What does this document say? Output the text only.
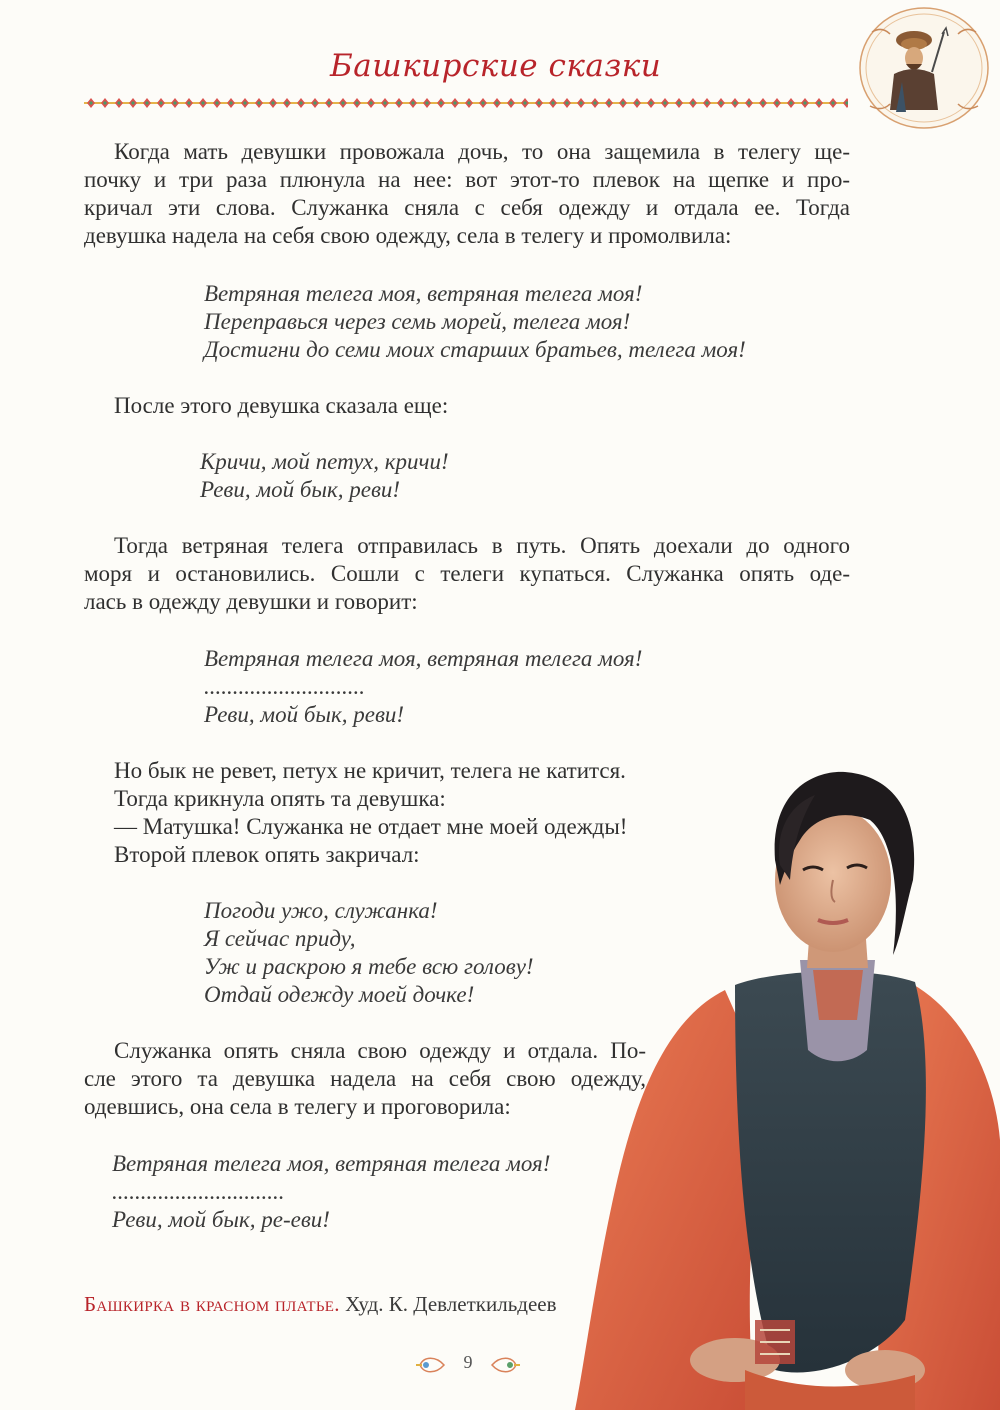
Башкирские сказки
Когда мать девушки провожала дочь, то она защемила в телегу ще-
почку и три раза плюнула на нее: вот этот-то плевок на щепке и про-
кричал эти слова. Служанка сняла с себя одежду и отдала ее. Тогда
девушка надела на себя свою одежду, села в телегу и промолвила:
Ветряная телега моя, ветряная телега моя!
Переправься через семь морей, телега моя!
Достигни до семи моих старших братьев, телега моя!
После этого девушка сказала еще:
Кричи, мой петух, кричи!
Реви, мой бык, реви!
Тогда ветряная телега отправилась в путь. Опять доехали до одного
моря и остановились. Сошли с телеги купаться. Служанка опять оде-
лась в одежду девушки и говорит:
Ветряная телега моя, ветряная телега моя!
............................
Реви, мой бык, реви!
Но бык не ревет, петух не кричит, телега не катится.
Тогда крикнула опять та девушка:
— Матушка! Служанка не отдает мне моей одежды!
Второй плевок опять закричал:
Погоди ужо, служанка!
Я сейчас приду,
Уж и раскрою я тебе всю голову!
Отдай одежду моей дочке!
Служанка опять сняла свою одежду и отдала. По-
сле этого та девушка надела на себя свою одежду,
одевшись, она села в телегу и проговорила:
Ветряная телега моя, ветряная телега моя!
..............................
Реви, мой бык, ре-еви!
Башкирка в красном платье. Худ. К. Девлеткильдеев
9
